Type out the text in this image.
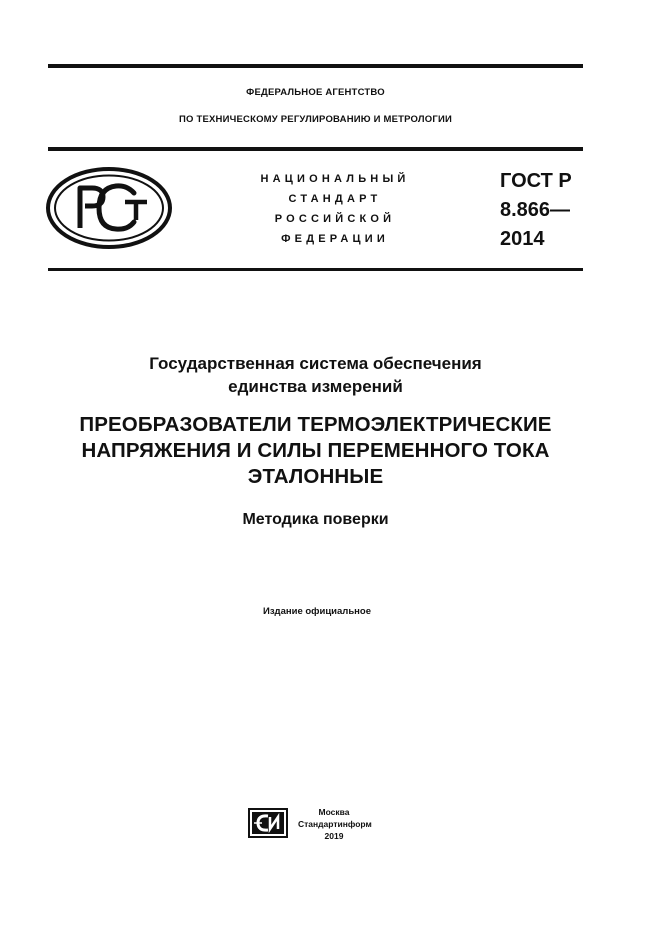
ФЕДЕРАЛЬНОЕ АГЕНТСТВО
ПО ТЕХНИЧЕСКОМУ РЕГУЛИРОВАНИЮ И МЕТРОЛОГИИ
НАЦИОНАЛЬНЫЙ
СТАНДАРТ
РОССИЙСКОЙ
ФЕДЕРАЦИИ
ГОСТ Р
8.866—
2014
Государственная система обеспечения
единства измерений
ПРЕОБРАЗОВАТЕЛИ ТЕРМОЭЛЕКТРИЧЕСКИЕ
НАПРЯЖЕНИЯ И СИЛЫ ПЕРЕМЕННОГО ТОКА
ЭТАЛОННЫЕ
Методика поверки
Издание официальное
Москва
Стандартинформ
2019
